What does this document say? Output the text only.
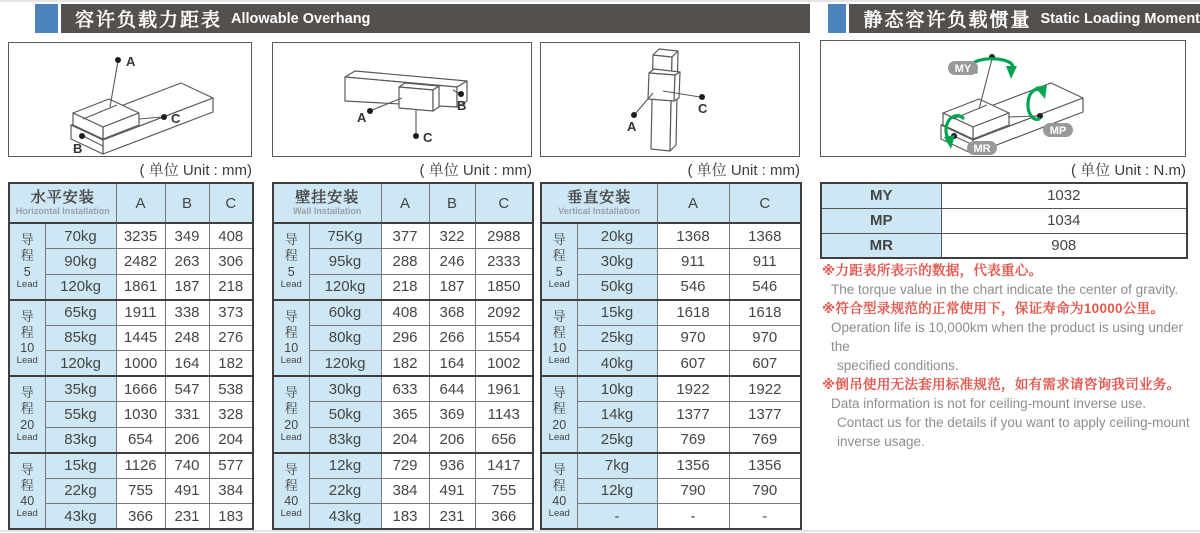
容许负载力距表 Allowable Overhang	静态容许负载惯量 Static Loading Moment
A
B
C	A
B
C
A
C
MY
MP
MR
( 单位 Unit : mm)	( 单位 Unit : mm)	( 单位 Unit : mm)	( 单位 Unit : N.m)
水平安装
Horizontal Installation		A	B	C

导程
5
Lead	70kg	3235	349	408
	90kg	2482	263	306
	120kg	1861	187	218

导程
10
Lead	65kg	1911	338	373
	85kg	1445	248	276
	120kg	1000	164	182

导程
20
Lead	35kg	1666	547	538
	55kg	1030	331	328
	83kg	654	206	204

导程
40
Lead	15kg	1126	740	577
	22kg	755	491	384
	43kg	366	231	183
壁挂安装
Wall Installation		A	B	C

导程
5
Lead	75Kg	377	322	2988
	95kg	288	246	2333
	120kg	218	187	1850

导程
10
Lead	60kg	408	368	2092
	80kg	296	266	1554
	120kg	182	164	1002

导程
20
Lead	30kg	633	644	1961
	50kg	365	369	1143
	83kg	204	206	656

导程
40
Lead	12kg	729	936	1417
	22kg	384	491	755
	43kg	183	231	366
垂直安装
Vertical Installation		A	C

导程
5
Lead	20kg	1368	1368
	30kg	911	911
	50kg	546	546

导程
10
Lead	15kg	1618	1618
	25kg	970	970
	40kg	607	607

导程
20
Lead	10kg	1922	1922
	14kg	1377	1377
	25kg	769	769

导程
40
Lead	7kg	1356	1356
	12kg	790	790
	-	-	-
MY	1032
MP	1034
MR	908
※力距表所表示的数据，代表重心。
The torque value in the chart indicate the center of gravity.
※符合型录规范的正常使用下，保证寿命为10000公里。
Operation life is 10,000km when the product is using under the
specified conditions.
※倒吊使用无法套用标准规范，如有需求请咨询我司业务。
Data information is not for ceiling-mount inverse use.
Contact us for the details if you want to apply ceiling-mount
inverse usage.
